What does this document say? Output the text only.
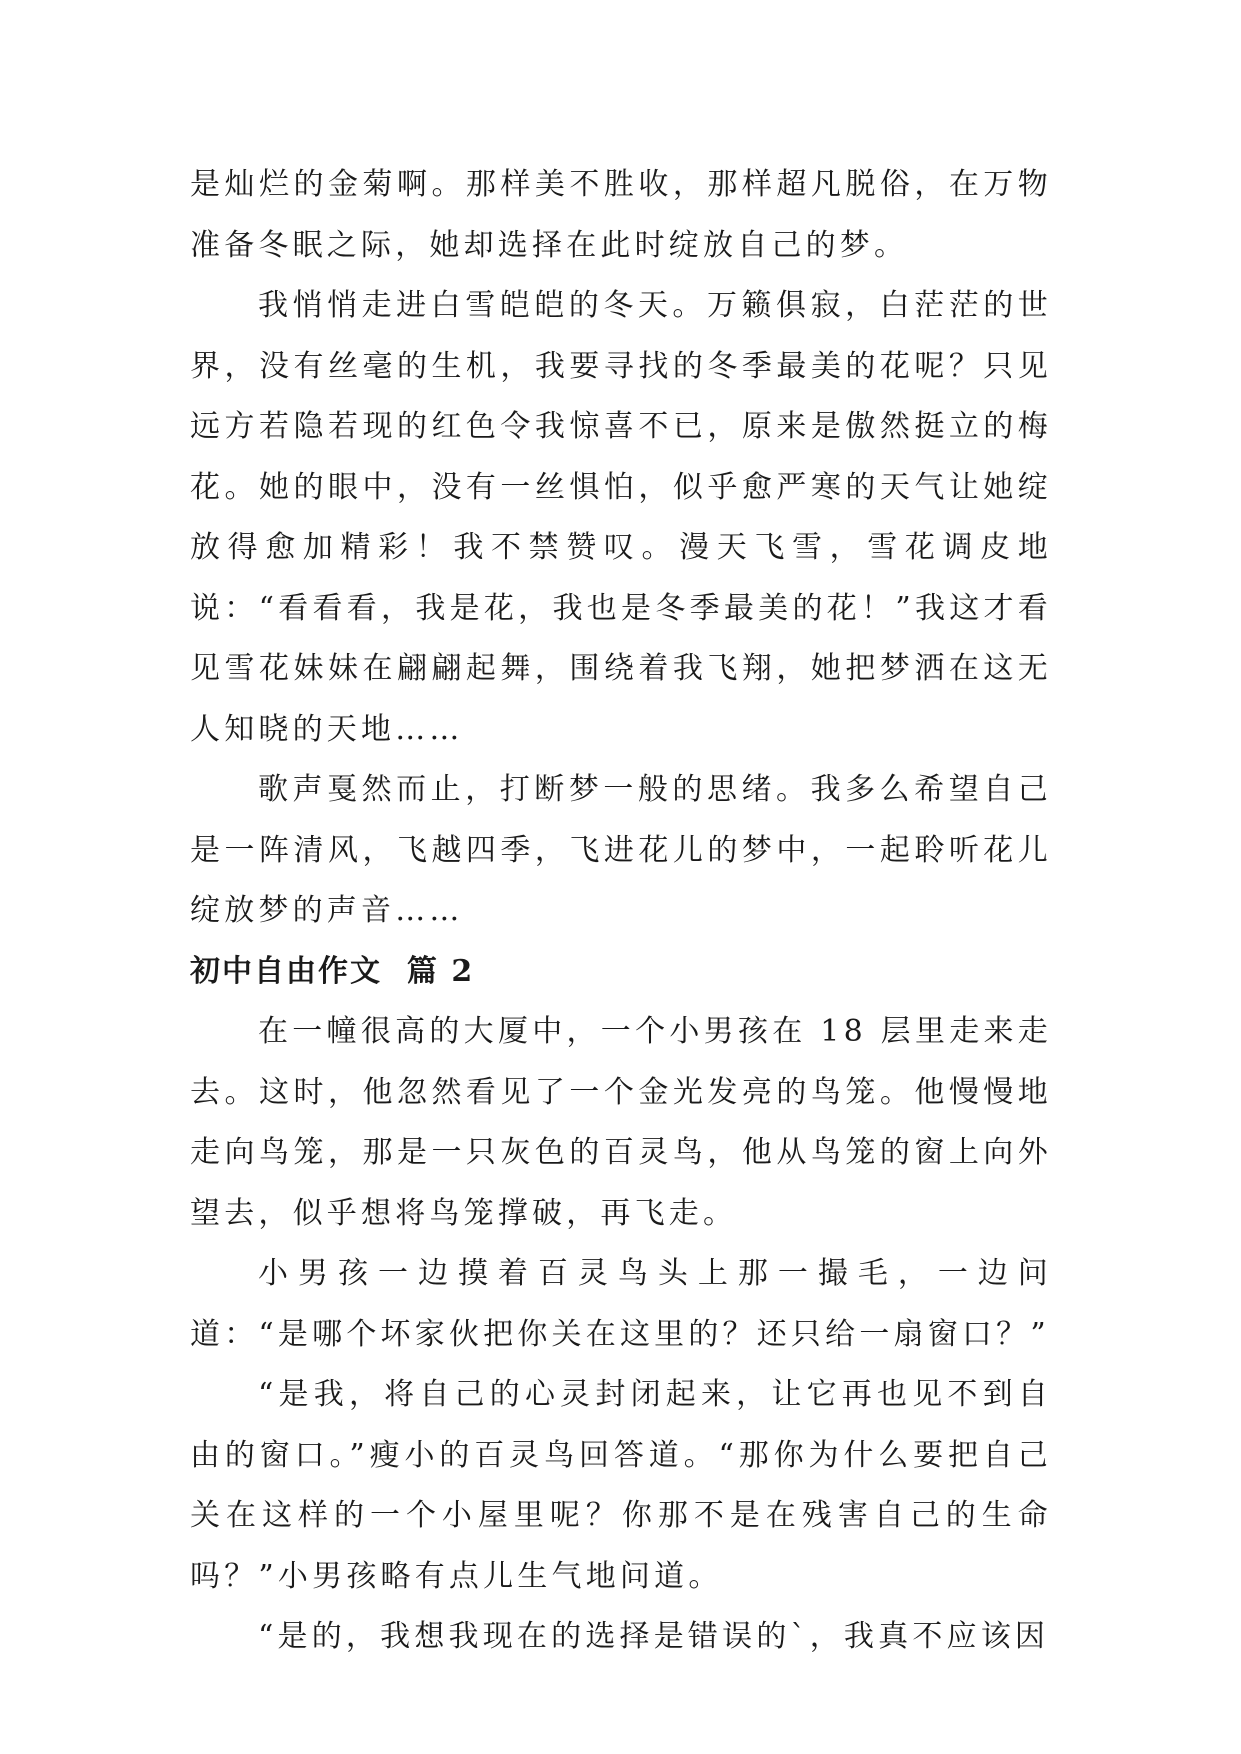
是灿烂的金菊啊。那样美不胜收，那样超凡脱俗，在万物准备冬眠之际，她却选择在此时绽放自己的梦。

我悄悄走进白雪皑皑的冬天。万籁俱寂，白茫茫的世界，没有丝毫的生机，我要寻找的冬季最美的花呢？只见远方若隐若现的红色令我惊喜不已，原来是傲然挺立的梅花。她的眼中，没有一丝惧怕，似乎愈严寒的天气让她绽放得愈加精彩！我不禁赞叹。漫天飞雪，雪花调皮地说：“看看看，我是花，我也是冬季最美的花！”我这才看见雪花妹妹在翩翩起舞，围绕着我飞翔，她把梦洒在这无人知晓的天地……

歌声戛然而止，打断梦一般的思绪。我多么希望自己是一阵清风，飞越四季，飞进花儿的梦中，一起聆听花儿绽放梦的声音……

初中自由作文  篇 2

在一幢很高的大厦中，一个小男孩在 18 层里走来走去。这时，他忽然看见了一个金光发亮的鸟笼。他慢慢地走向鸟笼，那是一只灰色的百灵鸟，他从鸟笼的窗上向外望去，似乎想将鸟笼撑破，再飞走。

小男孩一边摸着百灵鸟头上那一撮毛，一边问道：“是哪个坏家伙把你关在这里的？还只给一扇窗口？”

“是我，将自己的心灵封闭起来，让它再也见不到自由的窗口。”瘦小的百灵鸟回答道。“那你为什么要把自己关在这样的一个小屋里呢？你那不是在残害自己的生命吗？”小男孩略有点儿生气地问道。

“是的，我想我现在的选择是错误的`，我真不应该因
